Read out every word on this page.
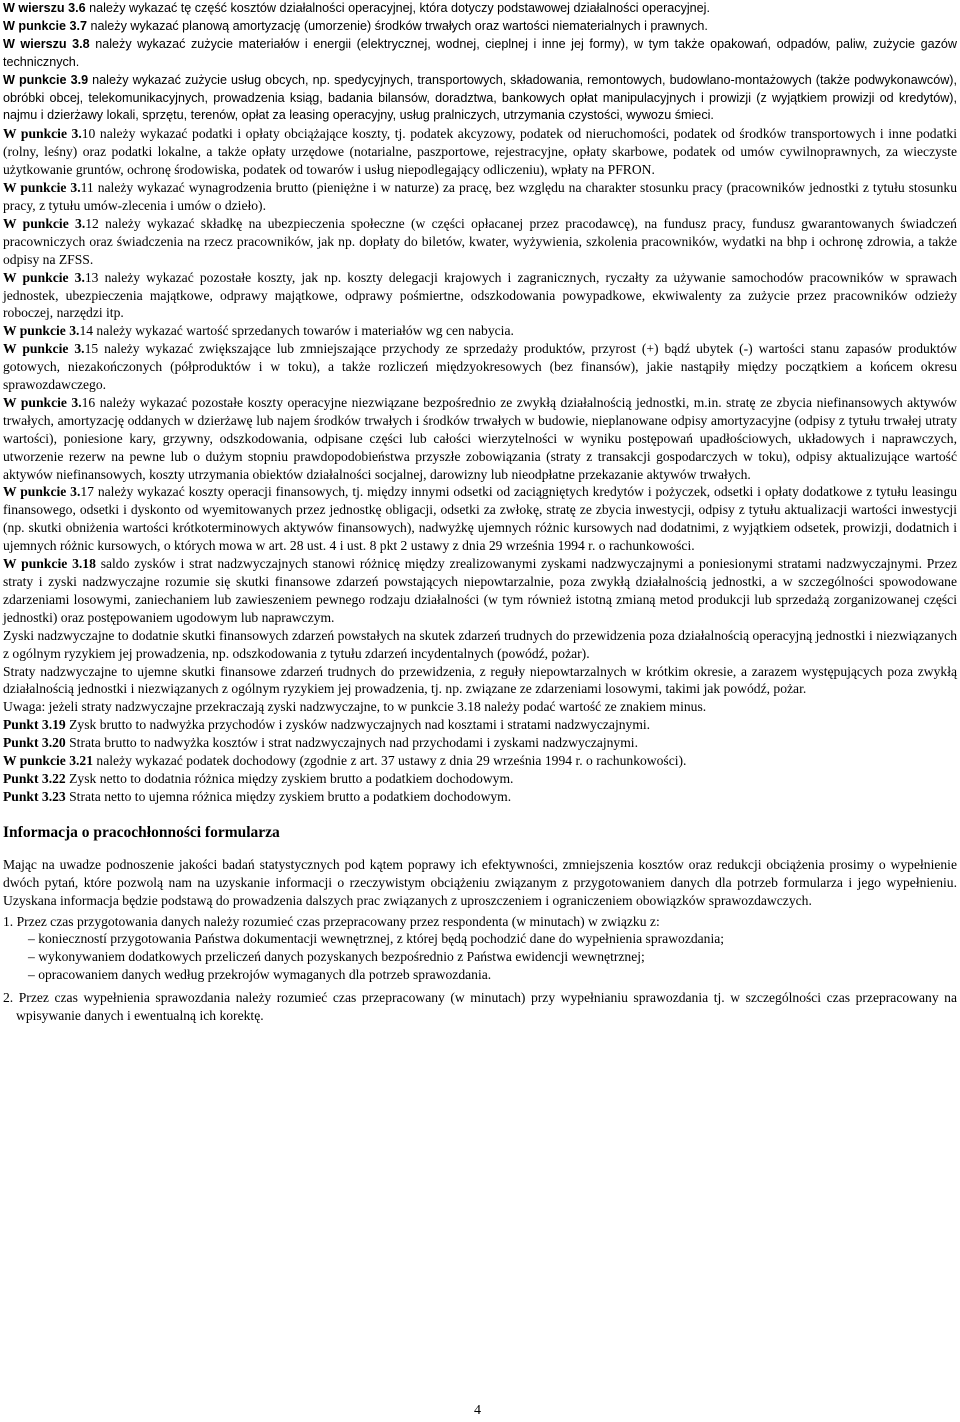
W wierszu 3.6 należy wykazać tę część kosztów działalności operacyjnej, która dotyczy podstawowej działalności operacyjnej.

W punkcie 3.7 należy wykazać planową amortyzację (umorzenie) środków trwałych oraz wartości niematerialnych i prawnych.

W wierszu 3.8 należy wykazać zużycie materiałów i energii (elektrycznej, wodnej, cieplnej i inne jej formy), w tym także opakowań, odpadów, paliw, zużycie gazów technicznych.

W punkcie 3.9 należy wykazać zużycie usług obcych, np. spedycyjnych, transportowych, składowania, remontowych, budowlano-montażowych (także podwykonawców), obróbki obcej, telekomunikacyjnych, prowadzenia ksiąg, badania bilansów, doradztwa, bankowych opłat manipulacyjnych i prowizji (z wyjątkiem prowizji od kredytów), najmu i dzierżawy lokali, sprzętu, terenów, opłat za leasing operacyjny, usług pralniczych, utrzymania czystości, wywozu śmieci.

W punkcie 3.10 należy wykazać podatki i opłaty obciążające koszty, tj. podatek akcyzowy, podatek od nieruchomości, podatek od środków transportowych i inne podatki (rolny, leśny) oraz podatki lokalne, a także opłaty urzędowe (notarialne, paszportowe, rejestracyjne, opłaty skarbowe, podatek od umów cywilnoprawnych, za wieczyste użytkowanie gruntów, ochronę środowiska, podatek od towarów i usług niepodlegający odliczeniu), wpłaty na PFRON.

W punkcie 3.11 należy wykazać wynagrodzenia brutto (pieniężne i w naturze) za pracę, bez względu na charakter stosunku pracy (pracowników jednostki z tytułu stosunku pracy, z tytułu umów-zlecenia i umów o dzieło).

W punkcie 3.12 należy wykazać składkę na ubezpieczenia społeczne (w części opłacanej przez pracodawcę), na fundusz pracy, fundusz gwarantowanych świadczeń pracowniczych oraz świadczenia na rzecz pracowników, jak np. dopłaty do biletów, kwater, wyżywienia, szkolenia pracowników, wydatki na bhp i ochronę zdrowia, a także odpisy na ZFSS.

W punkcie 3.13 należy wykazać pozostałe koszty, jak np. koszty delegacji krajowych i zagranicznych, ryczałty za używanie samochodów pracowników w sprawach jednostek, ubezpieczenia majątkowe, odprawy majątkowe, odprawy pośmiertne, odszkodowania powypadkowe, ekwiwalenty za zużycie przez pracowników odzieży roboczej, narzędzi itp.

W punkcie 3.14 należy wykazać wartość sprzedanych towarów i materiałów wg cen nabycia.

W punkcie 3.15 należy wykazać zwiększające lub zmniejszające przychody ze sprzedaży produktów, przyrost (+) bądź ubytek (-) wartości stanu zapasów produktów gotowych, niezakończonych (półproduktów i w toku), a także rozliczeń międzyokresowych (bez finansów), jakie nastąpiły między początkiem a końcem okresu sprawozdawczego.

W punkcie 3.16 należy wykazać pozostałe koszty operacyjne niezwiązane bezpośrednio ze zwykłą działalnością jednostki, m.in. stratę ze zbycia niefinansowych aktywów trwałych, amortyzację oddanych w dzierżawę lub najem środków trwałych i środków trwałych w budowie, nieplanowane odpisy amortyzacyjne (odpisy z tytułu trwałej utraty wartości), poniesione kary, grzywny, odszkodowania, odpisane części lub całości wierzytelności w wyniku postępowań upadłościowych, układowych i naprawczych, utworzenie rezerw na pewne lub o dużym stopniu prawdopodobieństwa przyszłe zobowiązania (straty z transakcji gospodarczych w toku), odpisy aktualizujące wartość aktywów niefinansowych, koszty utrzymania obiektów działalności socjalnej, darowizny lub nieodpłatne przekazanie aktywów trwałych.

W punkcie 3.17 należy wykazać koszty operacji finansowych, tj. między innymi odsetki od zaciągniętych kredytów i pożyczek, odsetki i opłaty dodatkowe z tytułu leasingu finansowego, odsetki i dyskonto od wyemitowanych przez jednostkę obligacji, odsetki za zwłokę, stratę ze zbycia inwestycji, odpisy z tytułu aktualizacji wartości inwestycji (np. skutki obniżenia wartości krótkoterminowych aktywów finansowych), nadwyżkę ujemnych różnic kursowych nad dodatnimi, z wyjątkiem odsetek, prowizji, dodatnich i ujemnych różnic kursowych, o których mowa w art. 28 ust. 4 i ust. 8 pkt 2 ustawy z dnia 29 września 1994 r. o rachunkowości.

W punkcie 3.18 saldo zysków i strat nadzwyczajnych stanowi różnicę między zrealizowanymi zyskami nadzwyczajnymi a poniesionymi stratami nadzwyczajnymi. Przez straty i zyski nadzwyczajne rozumie się skutki finansowe zdarzeń powstających niepowtarzalnie, poza zwykłą działalnością jednostki, a w szczególności spowodowane zdarzeniami losowymi, zaniechaniem lub zawieszeniem pewnego rodzaju działalności (w tym również istotną zmianą metod produkcji lub sprzedażą zorganizowanej części jednostki) oraz postępowaniem ugodowym lub naprawczym.

Zyski nadzwyczajne to dodatnie skutki finansowych zdarzeń powstałych na skutek zdarzeń trudnych do przewidzenia poza działalnością operacyjną jednostki i niezwiązanych z ogólnym ryzykiem jej prowadzenia, np. odszkodowania z tytułu zdarzeń incydentalnych (powódź, pożar).

Straty nadzwyczajne to ujemne skutki finansowe zdarzeń trudnych do przewidzenia, z reguły niepowtarzalnych w krótkim okresie, a zarazem występujących poza zwykłą działalnością jednostki i niezwiązanych z ogólnym ryzykiem jej prowadzenia, tj. np. związane ze zdarzeniami losowymi, takimi jak powódź, pożar.

Uwaga: jeżeli straty nadzwyczajne przekraczają zyski nadzwyczajne, to w punkcie 3.18 należy podać wartość ze znakiem minus.

Punkt 3.19 Zysk brutto to nadwyżka przychodów i zysków nadzwyczajnych nad kosztami i stratami nadzwyczajnymi.

Punkt 3.20 Strata brutto to nadwyżka kosztów i strat nadzwyczajnych nad przychodami i zyskami nadzwyczajnymi.

W punkcie 3.21 należy wykazać podatek dochodowy (zgodnie z art. 37 ustawy z dnia 29 września 1994 r. o rachunkowości).

Punkt 3.22 Zysk netto to dodatnia różnica między zyskiem brutto a podatkiem dochodowym.

Punkt 3.23 Strata netto to ujemna różnica między zyskiem brutto a podatkiem dochodowym.

Informacja o pracochłonności formularza

Mając na uwadze podnoszenie jakości badań statystycznych pod kątem poprawy ich efektywności, zmniejszenia kosztów oraz redukcji obciążenia prosimy o wypełnienie dwóch pytań, które pozwolą nam na uzyskanie informacji o rzeczywistym obciążeniu związanym z przygotowaniem danych dla potrzeb formularza i jego wypełnieniu. Uzyskana informacja będzie podstawą do prowadzenia dalszych prac związanych z uproszczeniem i ograniczeniem obowiązków sprawozdawczych.

1. Przez czas przygotowania danych należy rozumieć czas przepracowany przez respondenta (w minutach) w związku z:

– konieczností przygotowania Państwa dokumentacji wewnętrznej, z której będą pochodzić dane do wypełnienia sprawozdania;
– wykonywaniem dodatkowych przeliczeń danych pozyskanych bezpośrednio z Państwa ewidencji wewnętrznej;
– opracowaniem danych według przekrojów wymaganych dla potrzeb sprawozdania.

2. Przez czas wypełnienia sprawozdania należy rozumieć czas przepracowany (w minutach) przy wypełnianiu sprawozdania tj. w szczególności czas przepracowany na wpisywanie danych i ewentualną ich korektę.

4
